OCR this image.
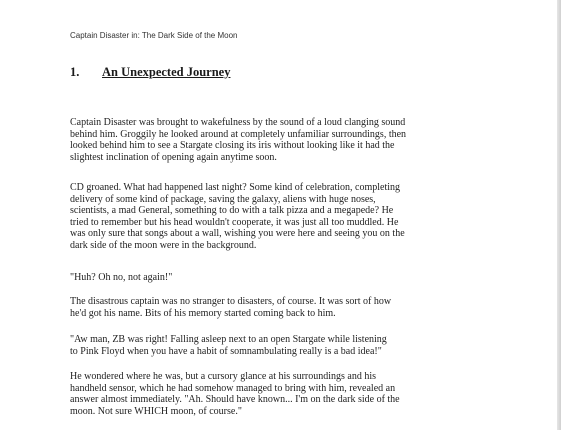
Captain Disaster in: The Dark Side of the Moon
1. An Unexpected Journey
Captain Disaster was brought to wakefulness by the sound of a loud clanging sound
behind him. Groggily he looked around at completely unfamiliar surroundings, then
looked behind him to see a Stargate closing its iris without looking like it had the
slightest inclination of opening again anytime soon.
CD groaned. What had happened last night? Some kind of celebration, completing
delivery of some kind of package, saving the galaxy, aliens with huge noses,
scientists, a mad General, something to do with a talk pizza and a megapede? He
tried to remember but his head wouldn't cooperate, it was just all too muddled. He
was only sure that songs about a wall, wishing you were here and seeing you on the
dark side of the moon were in the background.
"Huh? Oh no, not again!"
The disastrous captain was no stranger to disasters, of course. It was sort of how
he'd got his name. Bits of his memory started coming back to him.
"Aw man, ZB was right! Falling asleep next to an open Stargate while listening
to Pink Floyd when you have a habit of somnambulating really is a bad idea!"
He wondered where he was, but a cursory glance at his surroundings and his
handheld sensor, which he had somehow managed to bring with him, revealed an
answer almost immediately. "Ah. Should have known... I'm on the dark side of the
moon. Not sure WHICH moon, of course."
